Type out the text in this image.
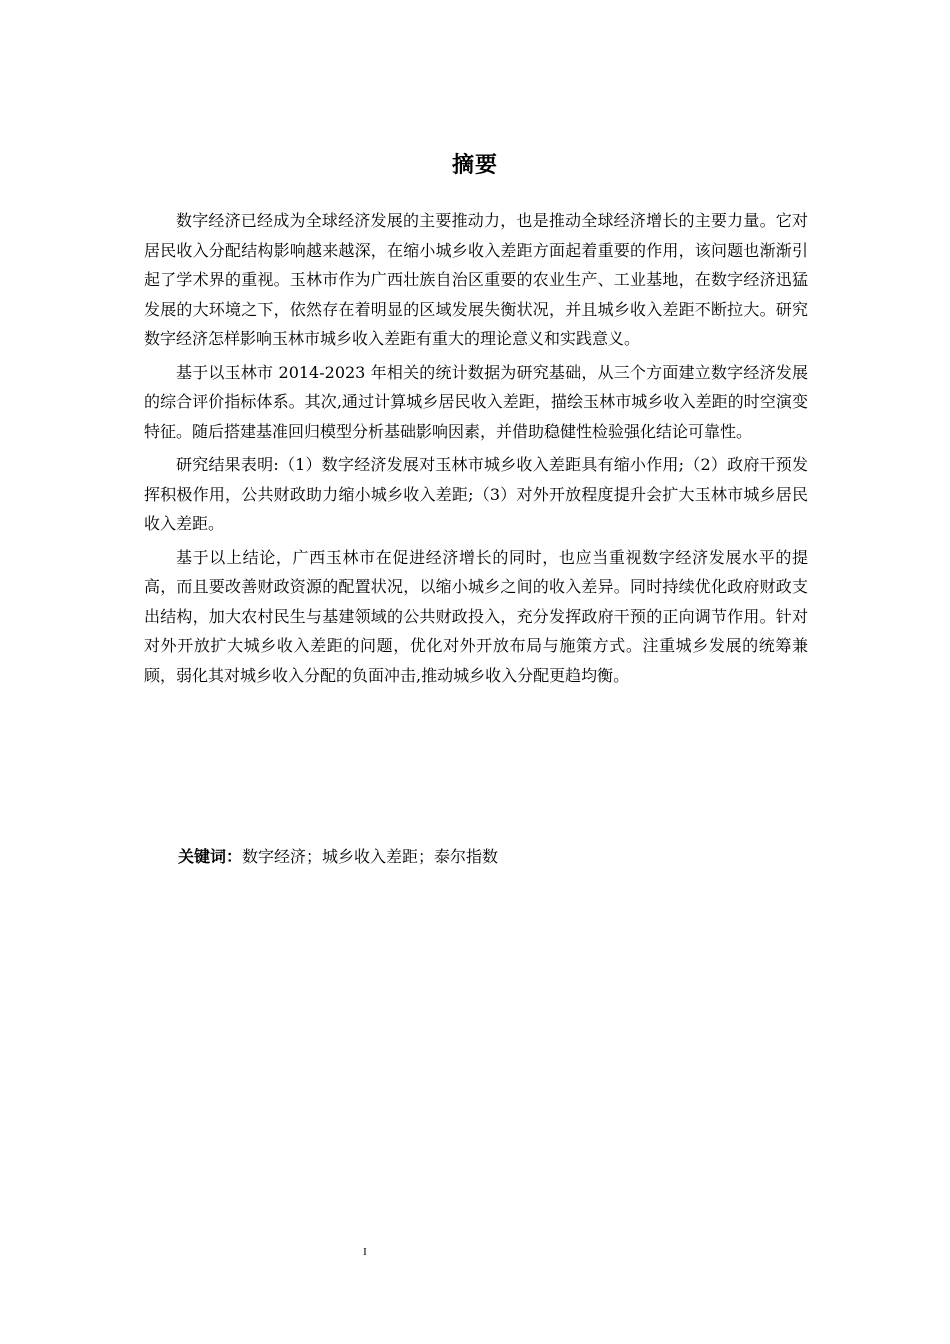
摘要

数字经济已经成为全球经济发展的主要推动力，也是推动全球经济增长的主要力量。它对居民收入分配结构影响越来越深，在缩小城乡收入差距方面起着重要的作用，该问题也渐渐引起了学术界的重视。玉林市作为广西壮族自治区重要的农业生产、工业基地，在数字经济迅猛发展的大环境之下，依然存在着明显的区域发展失衡状况，并且城乡收入差距不断拉大。研究数字经济怎样影响玉林市城乡收入差距有重大的理论意义和实践意义。

基于以玉林市 2014-2023 年相关的统计数据为研究基础，从三个方面建立数字经济发展的综合评价指标体系。其次,通过计算城乡居民收入差距，描绘玉林市城乡收入差距的时空演变特征。随后搭建基准回归模型分析基础影响因素，并借助稳健性检验强化结论可靠性。

研究结果表明:（1）数字经济发展对玉林市城乡收入差距具有缩小作用;（2）政府干预发挥积极作用，公共财政助力缩小城乡收入差距;（3）对外开放程度提升会扩大玉林市城乡居民收入差距。

基于以上结论，广西玉林市在促进经济增长的同时，也应当重视数字经济发展水平的提高，而且要改善财政资源的配置状况，以缩小城乡之间的收入差异。同时持续优化政府财政支出结构，加大农村民生与基建领域的公共财政投入，充分发挥政府干预的正向调节作用。针对对外开放扩大城乡收入差距的问题，优化对外开放布局与施策方式。注重城乡发展的统筹兼顾，弱化其对城乡收入分配的负面冲击,推动城乡收入分配更趋均衡。

关键词：数字经济；城乡收入差距；泰尔指数
I
